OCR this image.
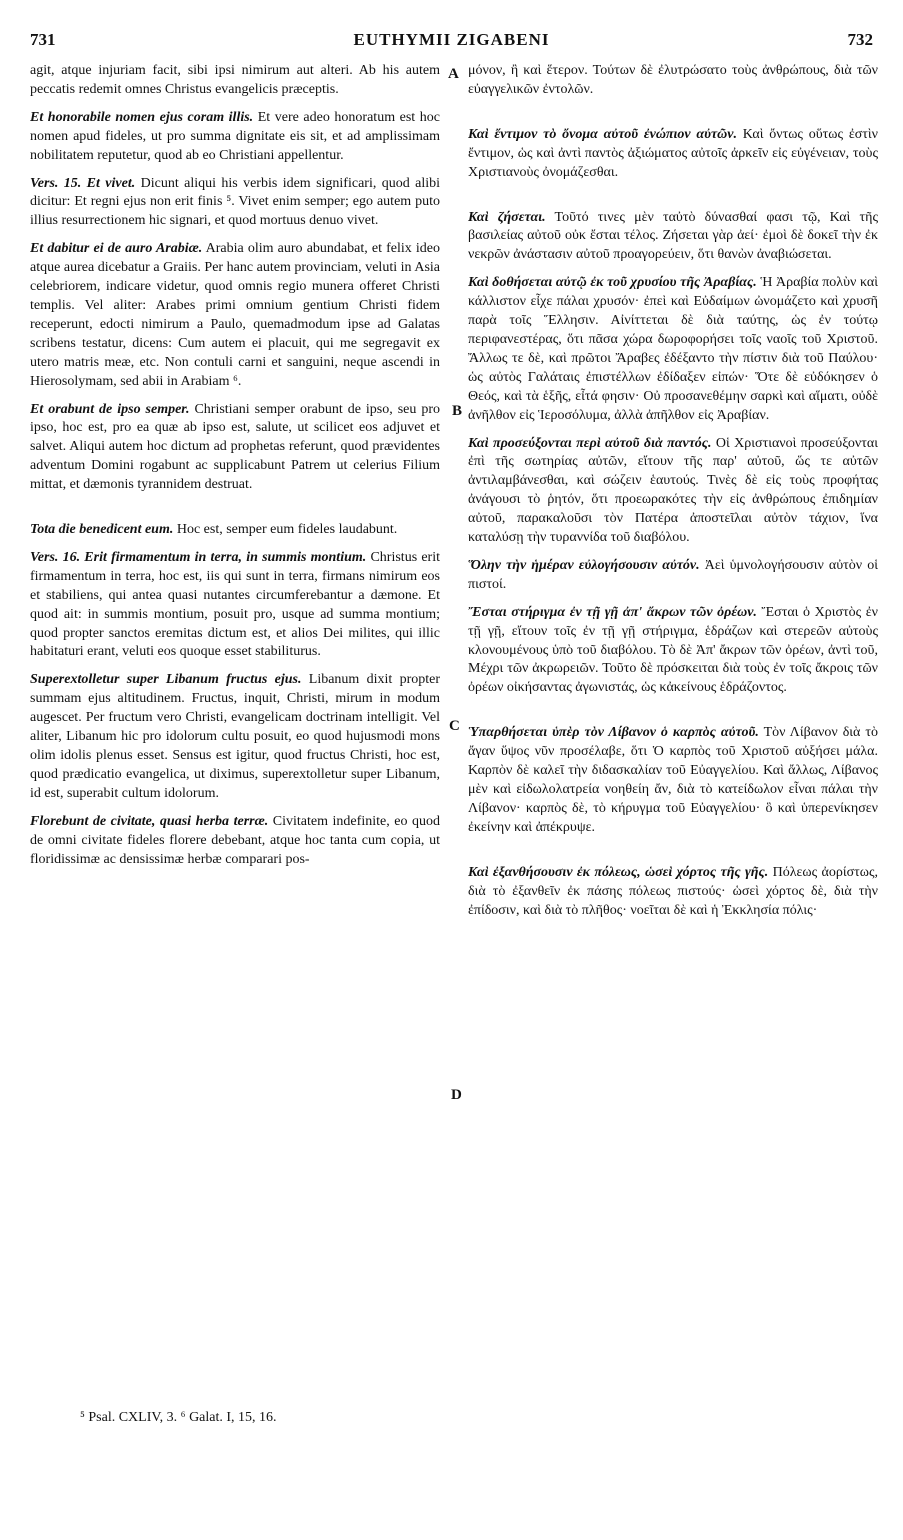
731	EUTHYMII ZIGABENI	732

agit, atque injuriam facit, sibi ipsi nimirum aut alteri. Ab his autem peccatis redemit omnes Christus evangelicis præceptis.

Et honorabile nomen ejus coram illis. Et vere adeo honoratum est hoc nomen apud fideles, ut pro summa dignitate eis sit, et ad amplissimam nobilitatem reputetur, quod ab eo Christiani appellentur.

Vers. 15. Et vivet. Dicunt aliqui his verbis idem significari, quod alibi dicitur: Et regni ejus non erit finis ⁵. Vivet enim semper; ego autem puto illius resurrectionem hic signari, et quod mortuus denuo vivet.

Et dabitur ei de auro Arabiæ. Arabia olim auro abundabat, et felix ideo atque aurea dicebatur a Graiis. Per hanc autem provinciam, veluti in Asia celebriorem, indicare videtur, quod omnis regio munera offeret Christi templis. Vel aliter: Arabes primi omnium gentium Christi fidem receperunt, edocti nimirum a Paulo, quemadmodum ipse ad Galatas scribens testatur, dicens: Cum autem ei placuit, qui me segregavit ex utero matris meæ, etc. Non contuli carni et sanguini, neque ascendi in Hierosolymam, sed abii in Arabiam ⁶.

Et orabunt de ipso semper. Christiani semper orabunt de ipso, seu pro ipso, hoc est, pro ea quæ ab ipso est, salute, ut scilicet eos adjuvet et salvet. Aliqui autem hoc dictum ad prophetas referunt, quod prævidentes adventum Domini rogabunt ac supplicabunt Patrem ut celerius Filium mittat, et dæmonis tyrannidem destruat.

Tota die benedicent eum. Hoc est, semper eum fideles laudabunt.

Vers. 16. Erit firmamentum in terra, in summis montium. Christus erit firmamentum in terra, hoc est, iis qui sunt in terra, firmans nimirum eos et stabiliens, qui antea quasi nutantes circumferebantur a dæmone. Et quod ait: in summis montium, posuit pro, usque ad summa montium; quod propter sanctos eremitas dictum est, et alios Dei milites, qui illic habitaturi erant, veluti eos quoque esset stabiliturus.

Superextolletur super Libanum fructus ejus. Libanum dixit propter summam ejus altitudinem. Fructus, inquit, Christi, mirum in modum augescet. Per fructum vero Christi, evangelicam doctrinam intelligit. Vel aliter, Libanum hic pro idolorum cultu posuit, eo quod hujusmodi mons olim idolis plenus esset. Sensus est igitur, quod fructus Christi, hoc est, quod prædicatio evangelica, ut diximus, superextolletur super Libanum, id est, superabit cultum idolorum.

Florebunt de civitate, quasi herba terræ. Civitatem indefinite, eo quod de omni civitate fideles florere debebant, atque hoc tanta cum copia, ut floridissimæ ac densissimæ herbæ comparari pos-

A
B
C
D

μόνον, ἢ καὶ ἕτερον. Τούτων δὲ ἐλυτρώσατο τοὺς ἀνθρώπους, διὰ τῶν εὐαγγελικῶν ἐντολῶν.

Καὶ ἔντιμον τὸ ὄνομα αὐτοῦ ἐνώπιον αὐτῶν. Καὶ ὄντως οὕτως ἐστὶν ἔντιμον, ὡς καὶ ἀντὶ παντὸς ἀξιώματος αὐτοῖς ἀρκεῖν εἰς εὐγένειαν, τοὺς Χριστιανοὺς ὀνομάζεσθαι.

Καὶ ζήσεται. Τοῦτό τινες μὲν ταὐτὸ δύνασθαί φασι τῷ, Καὶ τῆς βασιλείας αὐτοῦ οὐκ ἔσται τέλος. Ζήσεται γὰρ ἀεί· ἐμοὶ δὲ δοκεῖ τὴν ἐκ νεκρῶν ἀνάστασιν αὐτοῦ προαγορεύειν, ὅτι θανὼν ἀναβιώσεται.

Καὶ δοθήσεται αὐτῷ ἐκ τοῦ χρυσίου τῆς Ἀραβίας. Ἡ Ἀραβία πολὺν καὶ κάλλιστον εἶχε πάλαι χρυσόν· ἐπεὶ καὶ Εὐδαίμων ὠνομάζετο καὶ χρυσῆ παρὰ τοῖς Ἕλλησιν. Αἰνίττεται δὲ διὰ ταύτης, ὡς ἐν τούτῳ περιφανεστέρας, ὅτι πᾶσα χώρα δωροφορήσει τοῖς ναοῖς τοῦ Χριστοῦ. Ἄλλως τε δὲ, καὶ πρῶτοι Ἄραβες ἐδέξαντο τὴν πίστιν διὰ τοῦ Παύλου· ὡς αὐτὸς Γαλάταις ἐπιστέλλων ἐδίδαξεν εἰπών· Ὅτε δὲ εὐδόκησεν ὁ Θεός, καὶ τὰ ἑξῆς, εἶτά φησιν· Οὐ προσανεθέμην σαρκὶ καὶ αἵματι, οὐδὲ ἀνῆλθον εἰς Ἱεροσόλυμα, ἀλλὰ ἀπῆλθον εἰς Ἀραβίαν.

Καὶ προσεύξονται περὶ αὐτοῦ διὰ παντός. Οἱ Χριστιανοὶ προσεύξονται ἐπὶ τῆς σωτηρίας αὐτῶν, εἴτουν τῆς παρ' αὐτοῦ, ὥς τε αὐτῶν ἀντιλαμβάνεσθαι, καὶ σώζειν ἑαυτούς. Τινὲς δὲ εἰς τοὺς προφήτας ἀνάγουσι τὸ ῥητόν, ὅτι προεωρακότες τὴν εἰς ἀνθρώπους ἐπιδημίαν αὐτοῦ, παρακαλοῦσι τὸν Πατέρα ἀποστεῖλαι αὐτὸν τάχιον, ἵνα καταλύσῃ τὴν τυραννίδα τοῦ διαβόλου.

Ὅλην τὴν ἡμέραν εὐλογήσουσιν αὐτόν. Ἀεὶ ὑμνολογήσουσιν αὐτὸν οἱ πιστοί.

Ἔσται στήριγμα ἐν τῇ γῇ ἀπ' ἄκρων τῶν ὀρέων. Ἔσται ὁ Χριστὸς ἐν τῇ γῇ, εἴτουν τοῖς ἐν τῇ γῇ στήριγμα, ἑδράζων καὶ στερεῶν αὐτοὺς κλονουμένους ὑπὸ τοῦ διαβόλου. Τὸ δὲ Ἀπ' ἄκρων τῶν ὀρέων, ἀντὶ τοῦ, Μέχρι τῶν ἀκρωρειῶν. Τοῦτο δὲ πρόσκειται διὰ τοὺς ἐν τοῖς ἄκροις τῶν ὀρέων οἰκήσαντας ἀγωνιστάς, ὡς κἀκείνους ἑδράζοντος.

Ὑπαρθήσεται ὑπὲρ τὸν Λίβανον ὁ καρπὸς αὐτοῦ. Τὸν Λίβανον διὰ τὸ ἄγαν ὕψος νῦν προσέλαβε, ὅτι Ὁ καρπὸς τοῦ Χριστοῦ αὐξήσει μάλα. Καρπὸν δὲ καλεῖ τὴν διδασκαλίαν τοῦ Εὐαγγελίου. Καὶ ἄλλως, Λίβανος μὲν καὶ εἰδωλολατρεία νοηθείη ἄν, διὰ τὸ κατείδωλον εἶναι πάλαι τὴν Λίβανον· καρπὸς δὲ, τὸ κήρυγμα τοῦ Εὐαγγελίου· ὃ καὶ ὑπερενίκησεν ἐκείνην καὶ ἀπέκρυψε.

Καὶ ἐξανθήσουσιν ἐκ πόλεως, ὡσεὶ χόρτος τῆς γῆς. Πόλεως ἀορίστως, διὰ τὸ ἐξανθεῖν ἐκ πάσης πόλεως πιστούς· ὡσεὶ χόρτος δὲ, διὰ τὴν ἐπίδοσιν, καὶ διὰ τὸ πλῆθος· νοεῖται δὲ καὶ ἡ Ἐκκλησία πόλις·

⁵ Psal. CXLIV, 3. ⁶ Galat. I, 15, 16.
